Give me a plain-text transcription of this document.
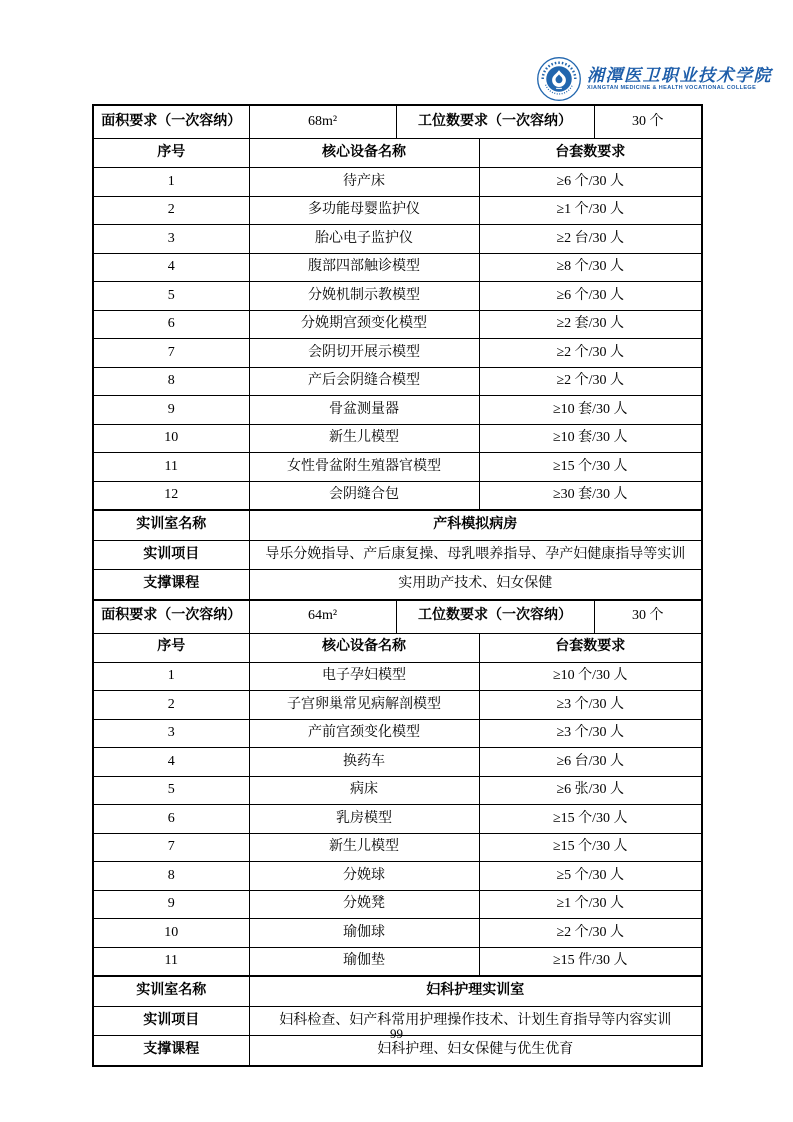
湘潭医卫职业技术学院
XIANGTAN MEDICINE & HEALTH VOCATIONAL COLLEGE
面积要求（一次容纳）	68m²	工位数要求（一次容纳）		30 个
序号	核心设备名称		台套数要求	
1	待产床		≥6 个/30 人	
2	多功能母婴监护仪		≥1 个/30 人	
3	胎心电子监护仪		≥2 台/30 人	
4	腹部四部触诊模型		≥8 个/30 人	
5	分娩机制示教模型		≥6 个/30 人	
6	分娩期宫颈变化模型		≥2 套/30 人	
7	会阴切开展示模型		≥2 个/30 人	
8	产后会阴缝合模型		≥2 个/30 人	
9	骨盆测量器		≥10 套/30 人	
10	新生儿模型		≥10 套/30 人	
11	女性骨盆附生殖器官模型		≥15 个/30 人	
12	会阴缝合包		≥30 套/30 人	
实训室名称	产科模拟病房			
实训项目	导乐分娩指导、产后康复操、母乳喂养指导、孕产妇健康指导等实训			
支撑课程	实用助产技术、妇女保健			
面积要求（一次容纳）	64m²	工位数要求（一次容纳）		30 个
序号	核心设备名称		台套数要求	
1	电子孕妇模型		≥10 个/30 人	
2	子宫卵巢常见病解剖模型		≥3 个/30 人	
3	产前宫颈变化模型		≥3 个/30 人	
4	换药车		≥6 台/30 人	
5	病床		≥6 张/30 人	
6	乳房模型		≥15 个/30 人	
7	新生儿模型		≥15 个/30 人	
8	分娩球		≥5 个/30 人	
9	分娩凳		≥1 个/30 人	
10	瑜伽球		≥2 个/30 人	
11	瑜伽垫		≥15 件/30 人	
实训室名称	妇科护理实训室			
实训项目	妇科检查、妇产科常用护理操作技术、计划生育指导等内容实训			
支撑课程	妇科护理、妇女保健与优生优育			
99
